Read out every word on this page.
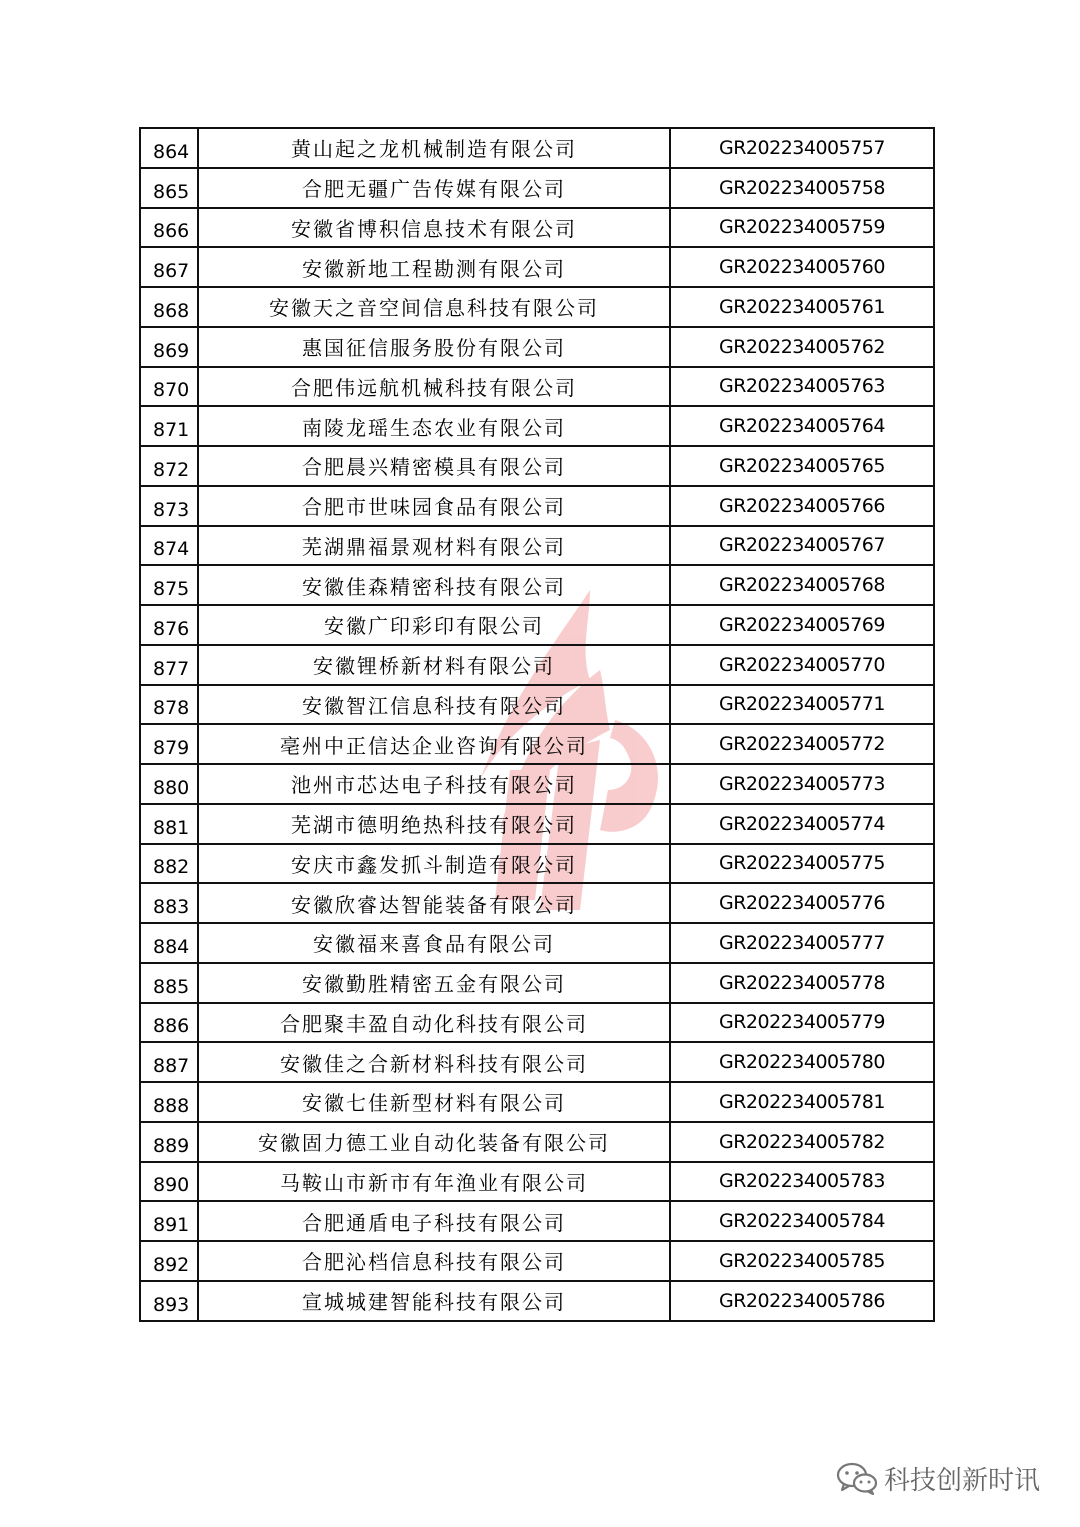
864	黄山起之龙机械制造有限公司	GR202234005757
865	合肥无疆广告传媒有限公司	GR202234005758
866	安徽省博积信息技术有限公司	GR202234005759
867	安徽新地工程勘测有限公司	GR202234005760
868	安徽天之音空间信息科技有限公司	GR202234005761
869	惠国征信服务股份有限公司	GR202234005762
870	合肥伟远航机械科技有限公司	GR202234005763
871	南陵龙瑶生态农业有限公司	GR202234005764
872	合肥晨兴精密模具有限公司	GR202234005765
873	合肥市世味园食品有限公司	GR202234005766
874	芜湖鼎福景观材料有限公司	GR202234005767
875	安徽佳森精密科技有限公司	GR202234005768
876	安徽广印彩印有限公司	GR202234005769
877	安徽锂桥新材料有限公司	GR202234005770
878	安徽智江信息科技有限公司	GR202234005771
879	亳州中正信达企业咨询有限公司	GR202234005772
880	池州市芯达电子科技有限公司	GR202234005773
881	芜湖市德明绝热科技有限公司	GR202234005774
882	安庆市鑫发抓斗制造有限公司	GR202234005775
883	安徽欣睿达智能装备有限公司	GR202234005776
884	安徽福来喜食品有限公司	GR202234005777
885	安徽勤胜精密五金有限公司	GR202234005778
886	合肥聚丰盈自动化科技有限公司	GR202234005779
887	安徽佳之合新材料科技有限公司	GR202234005780
888	安徽七佳新型材料有限公司	GR202234005781
889	安徽固力德工业自动化装备有限公司	GR202234005782
890	马鞍山市新市有年渔业有限公司	GR202234005783
891	合肥通盾电子科技有限公司	GR202234005784
892	合肥沁档信息科技有限公司	GR202234005785
893	宣城城建智能科技有限公司	GR202234005786
科技创新时讯
